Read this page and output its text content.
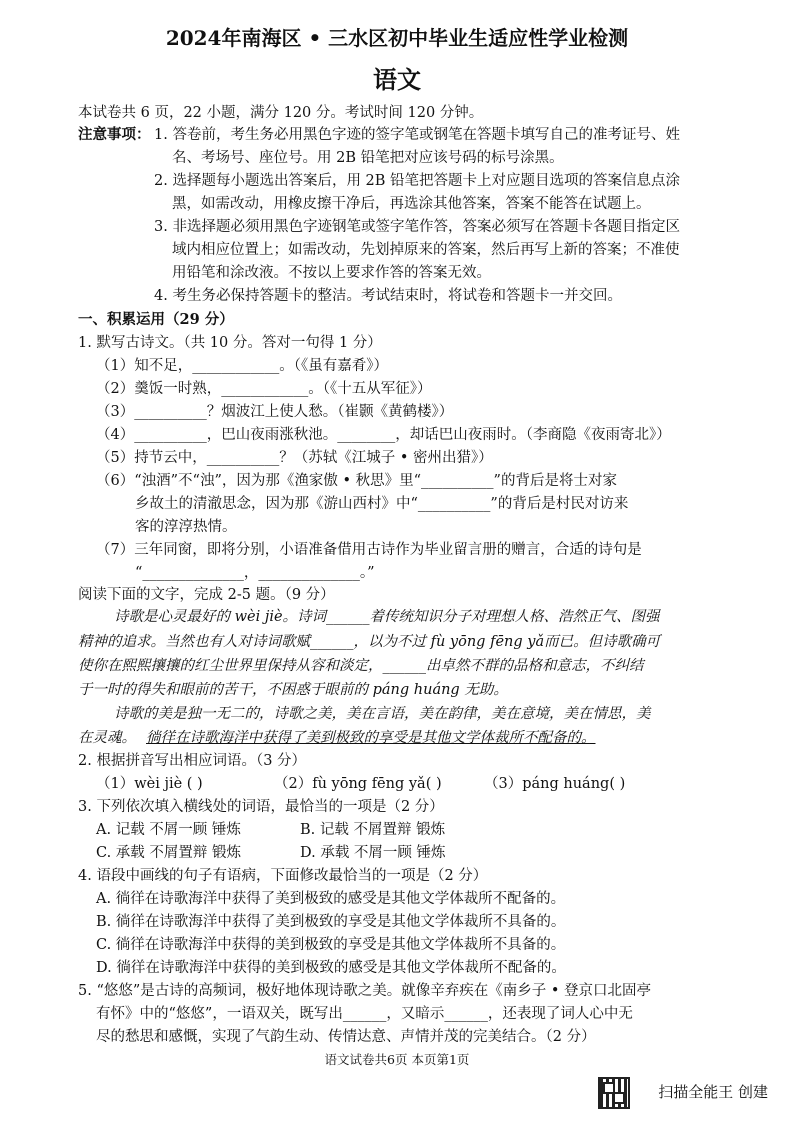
2024年南海区 • 三水区初中毕业生适应性学业检测
语文
本试卷共 6 页，22 小题，满分 120 分。考试时间 120 分钟。
注意事项： 1. 答卷前，考生务必用黑色字迹的签字笔或钢笔在答题卡填写自己的准考证号、姓
名、考场号、座位号。用 2B 铅笔把对应该号码的标号涂黑。
2. 选择题每小题选出答案后，用 2B 铅笔把答题卡上对应题目选项的答案信息点涂
黑，如需改动，用橡皮擦干净后，再选涂其他答案，答案不能答在试题上。
3. 非选择题必须用黑色字迹钢笔或签字笔作答，答案必须写在答题卡各题目指定区
域内相应位置上；如需改动，先划掉原来的答案，然后再写上新的答案；不准使
用铅笔和涂改液。不按以上要求作答的答案无效。
4. 考生务必保持答题卡的整洁。考试结束时，将试卷和答题卡一并交回。
一、积累运用（29 分）
1. 默写古诗文。（共 10 分。答对一句得 1 分）
（1）知不足，____________。（《虽有嘉肴》）
（2）羹饭一时熟，____________。（《十五从军征》）
（3）__________？烟波江上使人愁。（崔颢《黄鹤楼》）
（4）__________，巴山夜雨涨秋池。________，却话巴山夜雨时。（李商隐《夜雨寄北》）
（5）持节云中，__________？（苏轼《江城子 • 密州出猎》）
（6）“浊酒”不“浊”，因为那《渔家傲 • 秋思》里“__________”的背后是将士对家
乡故土的清澈思念，因为那《游山西村》中“__________”的背后是村民对访来
客的淳淳热情。
（7）三年同窗，即将分别，小语准备借用古诗作为毕业留言册的赠言，合适的诗句是
“______________，______________。”
阅读下面的文字，完成 2-5 题。（9 分）
诗歌是心灵最好的 wèi jiè。诗词______着传统知识分子对理想人格、浩然正气、图强
精神的追求。当然也有人对诗词歌赋______，以为不过 fù yōng fēng yǎ而已。但诗歌确可
使你在熙熙攘攘的红尘世界里保持从容和淡定，______出卓然不群的品格和意志，不纠结
于一时的得失和眼前的苦干，不困惑于眼前的 páng huáng 无助。
诗歌的美是独一无二的，诗歌之美，美在言语，美在韵律，美在意境，美在情思，美
在灵魂。 徜徉在诗歌海洋中获得了美到极致的享受是其他文学体裁所不配备的。
2. 根据拼音写出相应词语。（3 分）
（1）wèi jiè ( )	（2）fù yōng fēng yǎ( )	（3）páng huáng( )
3. 下列依次填入横线处的词语，最恰当的一项是（2 分）
A. 记载 不屑一顾 锤炼	B. 记载 不屑置辩 锻炼
C. 承载 不屑置辩 锻炼	D. 承载 不屑一顾 锤炼
4. 语段中画线的句子有语病，下面修改最恰当的一项是（2 分）
A. 徜徉在诗歌海洋中获得了美到极致的感受是其他文学体裁所不配备的。
B. 徜徉在诗歌海洋中获得了美到极致的享受是其他文学体裁所不具备的。
C. 徜徉在诗歌海洋中获得的美到极致的享受是其他文学体裁所不具备的。
D. 徜徉在诗歌海洋中获得的美到极致的感受是其他文学体裁所不配备的。
5. “悠悠”是古诗的高频词，极好地体现诗歌之美。就像辛弃疾在《南乡子 • 登京口北固亭
有怀》中的“悠悠”，一语双关，既写出______，又暗示______，还表现了词人心中无
尽的愁思和感慨，实现了气韵生动、传情达意、声情并茂的完美结合。（2 分）
语文试卷共6页 本页第1页
扫描全能王 创建
